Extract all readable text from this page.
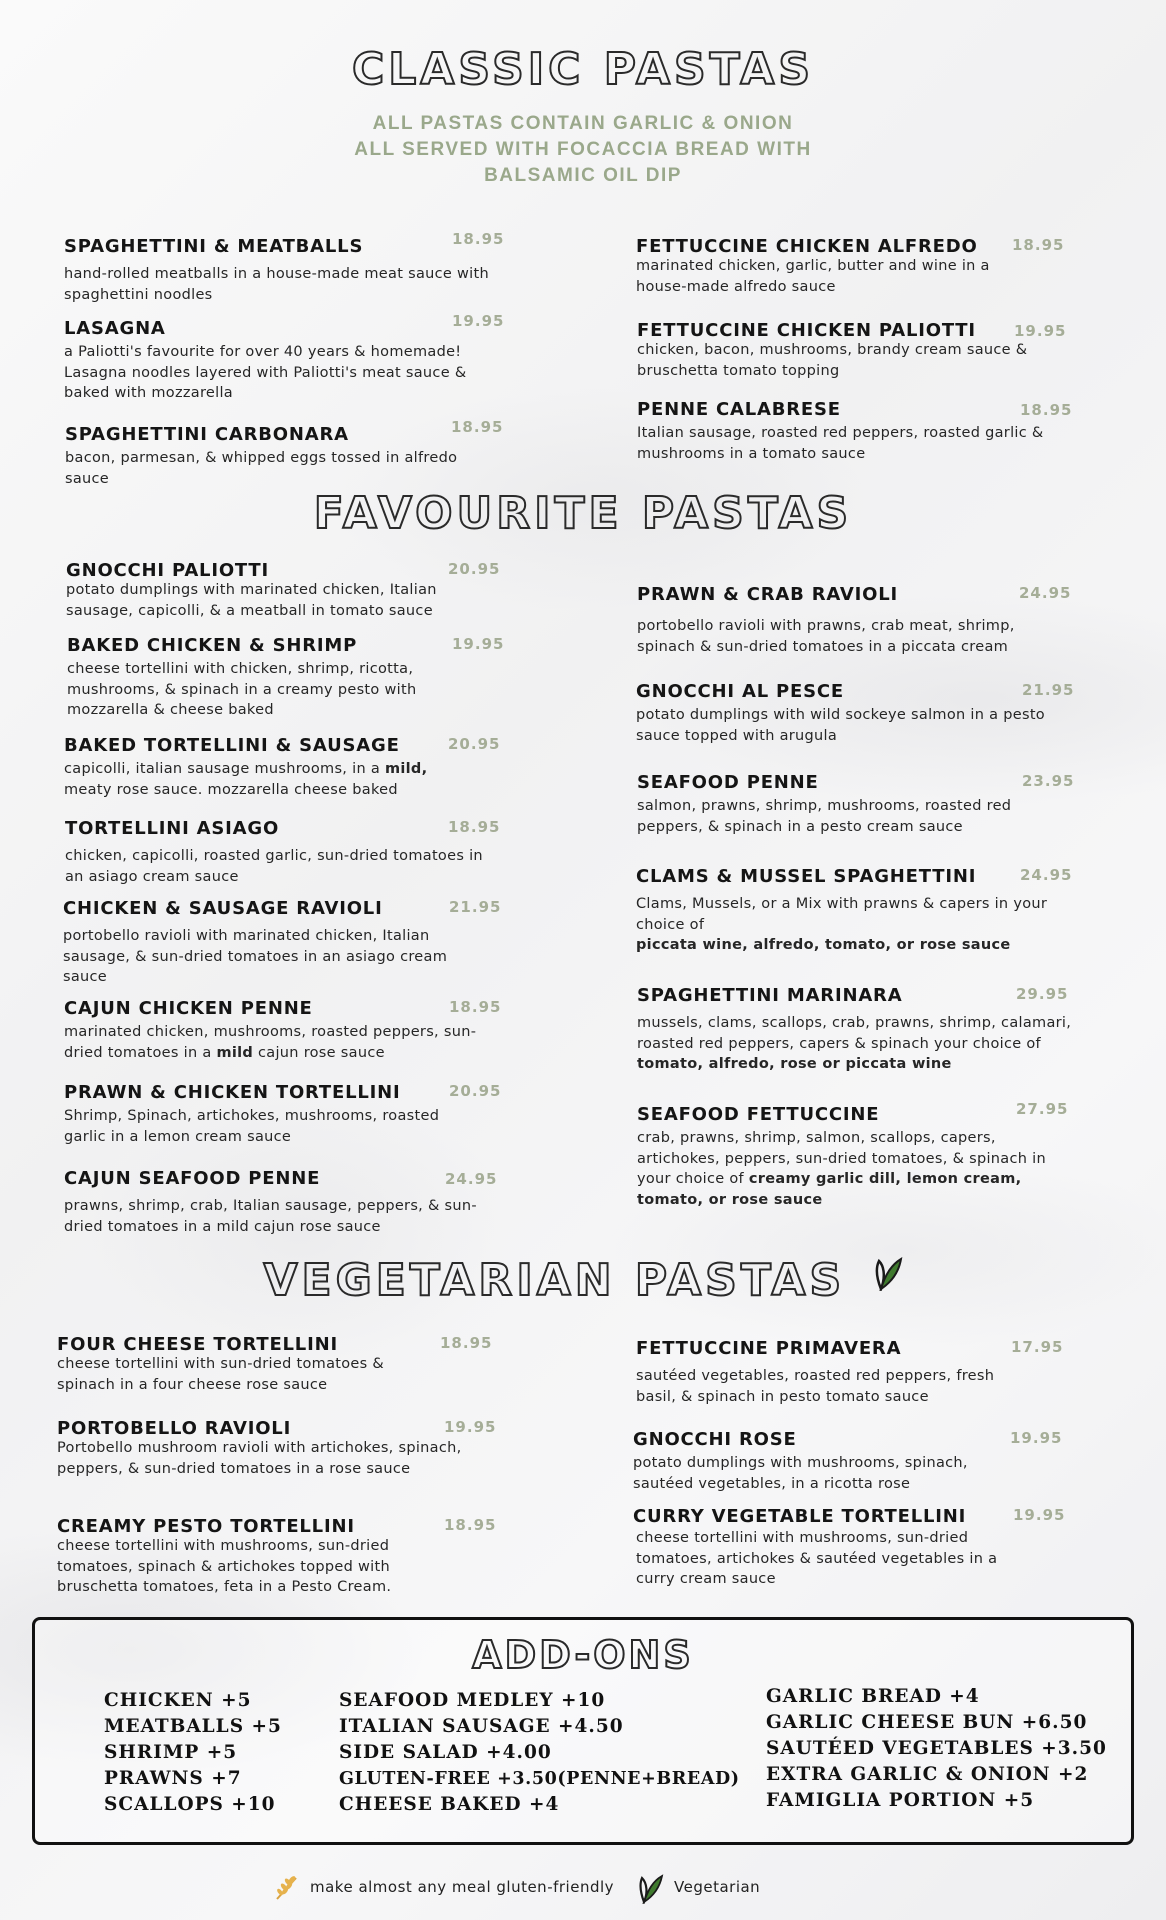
CLASSIC PASTAS
ALL PASTAS CONTAIN GARLIC & ONION
ALL SERVED WITH FOCACCIA BREAD WITH
BALSAMIC OIL DIP
SPAGHETTINI & MEATBALLS	18.95
hand-rolled meatballs in a house-made meat sauce with spaghettini noodles
LASAGNA	19.95
a Paliotti's favourite for over 40 years & homemade! Lasagna noodles layered with Paliotti's meat sauce & baked with mozzarella
SPAGHETTINI CARBONARA	18.95
bacon, parmesan, & whipped eggs tossed in alfredo sauce
FETTUCCINE CHICKEN ALFREDO 18.95
marinated chicken, garlic, butter and wine in a house-made alfredo sauce
FETTUCCINE CHICKEN PALIOTTI	19.95
chicken, bacon, mushrooms, brandy cream sauce & bruschetta tomato topping
PENNE CALABRESE	18.95
Italian sausage, roasted red peppers, roasted garlic & mushrooms in a tomato sauce
FAVOURITE PASTAS
GNOCCHI PALIOTTI	20.95
potato dumplings with marinated chicken, Italian sausage, capicolli, & a meatball in tomato sauce
BAKED CHICKEN & SHRIMP	19.95
cheese tortellini with chicken, shrimp, ricotta, mushrooms, & spinach in a creamy pesto with mozzarella & cheese baked
BAKED TORTELLINI & SAUSAGE	20.95
capicolli, italian sausage mushrooms, in a mild, meaty rose sauce. mozzarella cheese baked
TORTELLINI ASIAGO	18.95
chicken, capicolli, roasted garlic, sun-dried tomatoes in an asiago cream sauce
CHICKEN & SAUSAGE RAVIOLI	21.95
portobello ravioli with marinated chicken, Italian sausage, & sun-dried tomatoes in an asiago cream sauce
CAJUN CHICKEN PENNE	18.95
marinated chicken, mushrooms, roasted peppers, sun-dried tomatoes in a mild cajun rose sauce
PRAWN & CHICKEN TORTELLINI	20.95
Shrimp, Spinach, artichokes, mushrooms, roasted garlic in a lemon cream sauce
CAJUN SEAFOOD PENNE	24.95
prawns, shrimp, crab, Italian sausage, peppers, & sun-dried tomatoes in a mild cajun rose sauce
PRAWN & CRAB RAVIOLI	24.95
portobello ravioli with prawns, crab meat, shrimp, spinach & sun-dried tomatoes in a piccata cream
GNOCCHI AL PESCE	21.95
potato dumplings with wild sockeye salmon in a pesto sauce topped with arugula
SEAFOOD PENNE	23.95
salmon, prawns, shrimp, mushrooms, roasted red peppers, & spinach in a pesto cream sauce
CLAMS & MUSSEL SPAGHETTINI	24.95
Clams, Mussels, or a Mix with prawns & capers in your choice of
piccata wine, alfredo, tomato, or rose sauce
SPAGHETTINI MARINARA	29.95
mussels, clams, scallops, crab, prawns, shrimp, calamari, roasted red peppers, capers & spinach your choice of tomato, alfredo, rose or piccata wine
SEAFOOD FETTUCCINE	27.95
crab, prawns, shrimp, salmon, scallops, capers, artichokes, peppers, sun-dried tomatoes, & spinach in your choice of creamy garlic dill, lemon cream, tomato, or rose sauce
VEGETARIAN PASTAS
FOUR CHEESE TORTELLINI	18.95
cheese tortellini with sun-dried tomatoes & spinach in a four cheese rose sauce
PORTOBELLO RAVIOLI	19.95
Portobello mushroom ravioli with artichokes, spinach, peppers, & sun-dried tomatoes in a rose sauce
CREAMY PESTO TORTELLINI	18.95
cheese tortellini with mushrooms, sun-dried tomatoes, spinach & artichokes topped with bruschetta tomatoes, feta in a Pesto Cream.
FETTUCCINE PRIMAVERA	17.95
sautéed vegetables, roasted red peppers, fresh basil, & spinach in pesto tomato sauce
GNOCCHI ROSE	19.95
potato dumplings with mushrooms, spinach, sautéed vegetables, in a ricotta rose
CURRY VEGETABLE TORTELLINI	19.95
cheese tortellini with mushrooms, sun-dried tomatoes, artichokes & sautéed vegetables in a curry cream sauce
ADD-ONS
CHICKEN +5
MEATBALLS +5
SHRIMP +5
PRAWNS +7
SCALLOPS +10
SEAFOOD MEDLEY +10
ITALIAN SAUSAGE +4.50
SIDE SALAD +4.00
GLUTEN-FREE +3.50(PENNE+BREAD)
CHEESE BAKED +4
GARLIC BREAD +4
GARLIC CHEESE BUN +6.50
SAUTÉED VEGETABLES +3.50
EXTRA GARLIC & ONION +2
FAMIGLIA PORTION +5
make almost any meal gluten-friendly	Vegetarian
